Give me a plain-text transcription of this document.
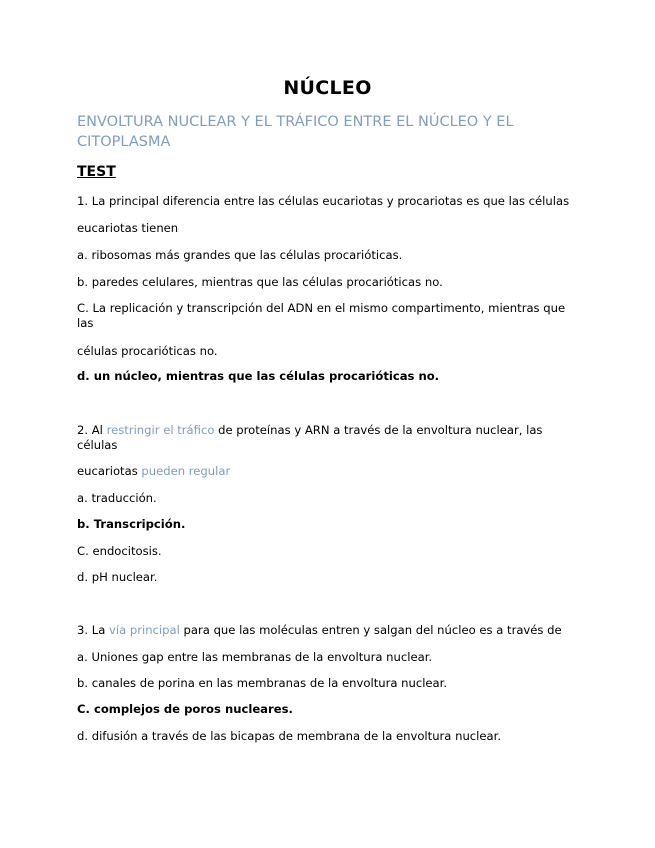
NÚCLEO
ENVOLTURA NUCLEAR Y EL TRÁFICO ENTRE EL NÚCLEO Y EL CITOPLASMA
TEST
1. La principal diferencia entre las células eucariotas y procariotas es que las células
eucariotas tienen
a. ribosomas más grandes que las células procarióticas.
b. paredes celulares, mientras que las células procarióticas no.
C. La replicación y transcripción del ADN en el mismo compartimento, mientras que las
células procarióticas no.
d. un núcleo, mientras que las células procarióticas no.
2. Al restringir el tráfico de proteínas y ARN a través de la envoltura nuclear, las células
eucariotas pueden regular
a. traducción.
b. Transcripción.
C. endocitosis.
d. pH nuclear.
3. La vía principal para que las moléculas entren y salgan del núcleo es a través de
a. Uniones gap entre las membranas de la envoltura nuclear.
b. canales de porina en las membranas de la envoltura nuclear.
C. complejos de poros nucleares.
d. difusión a través de las bicapas de membrana de la envoltura nuclear.
